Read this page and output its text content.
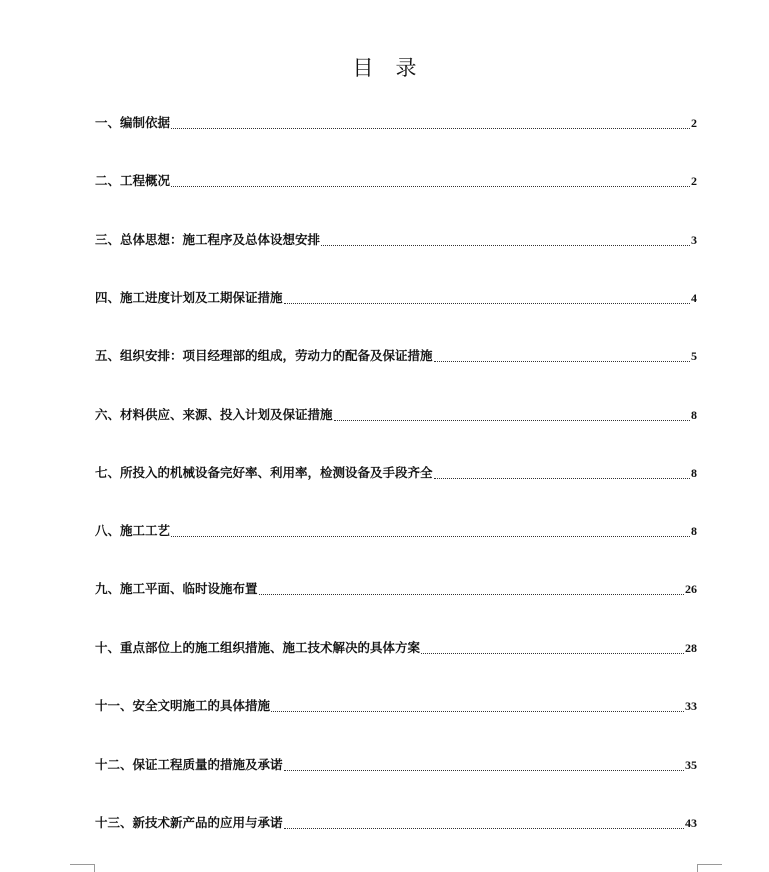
目录
一、编制依据	2
二、工程概况	2
三、总体思想：施工程序及总体设想安排	3
四、施工进度计划及工期保证措施	4
五、组织安排：项目经理部的组成，劳动力的配备及保证措施	5
六、材料供应、来源、投入计划及保证措施	8
七、所投入的机械设备完好率、利用率，检测设备及手段齐全	8
八、施工工艺	8
九、施工平面、临时设施布置	26
十、重点部位上的施工组织措施、施工技术解决的具体方案	28
十一、安全文明施工的具体措施	33
十二、保证工程质量的措施及承诺	35
十三、新技术新产品的应用与承诺	43
